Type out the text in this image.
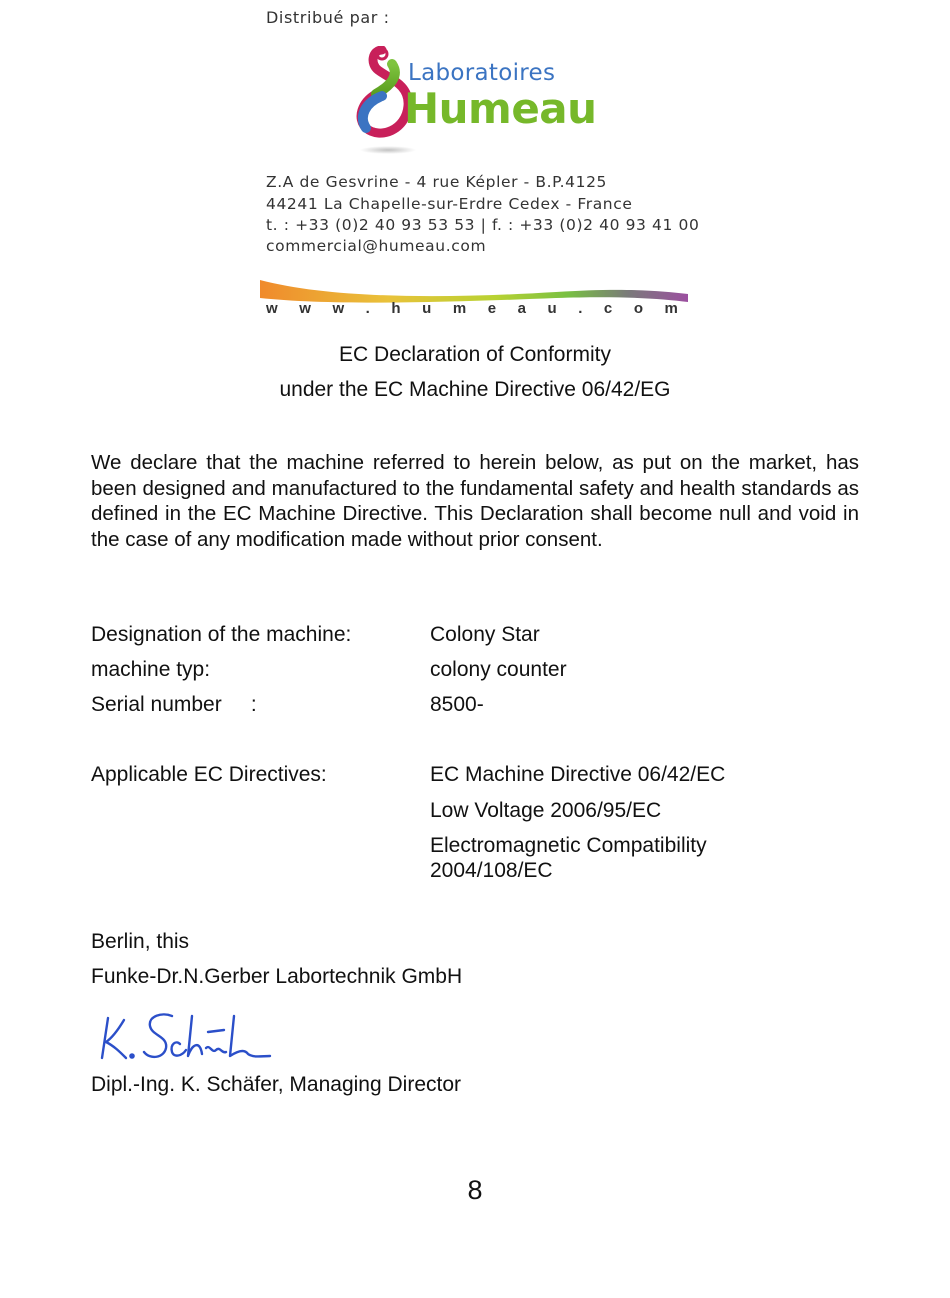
Distribué par :
Laboratoires
Humeau
Z.A de Gesvrine - 4 rue Képler - B.P.4125
44241 La Chapelle-sur-Erdre Cedex - France
t. : +33 (0)2 40 93 53 53 | f. : +33 (0)2 40 93 41 00
commercial@humeau.com
w w w . h u m e a u . c o m
EC Declaration of Conformity
under the EC Machine Directive 06/42/EG
We declare that the machine referred to herein below, as put on the market, has been designed and manufactured to the fundamental safety and health standards as defined in the EC Machine Directive. This Declaration shall become null and void in the case of any modification made without prior consent.
Designation of the machine:	Colony Star
machine typ:	colony counter
Serial number     :	8500-
Applicable EC Directives:	EC Machine Directive 06/42/EC
Low Voltage 2006/95/EC
Electromagnetic Compatibility
2004/108/EC
Berlin, this
Funke-Dr.N.Gerber Labortechnik GmbH
Dipl.-Ing. K. Schäfer, Managing Director
8
